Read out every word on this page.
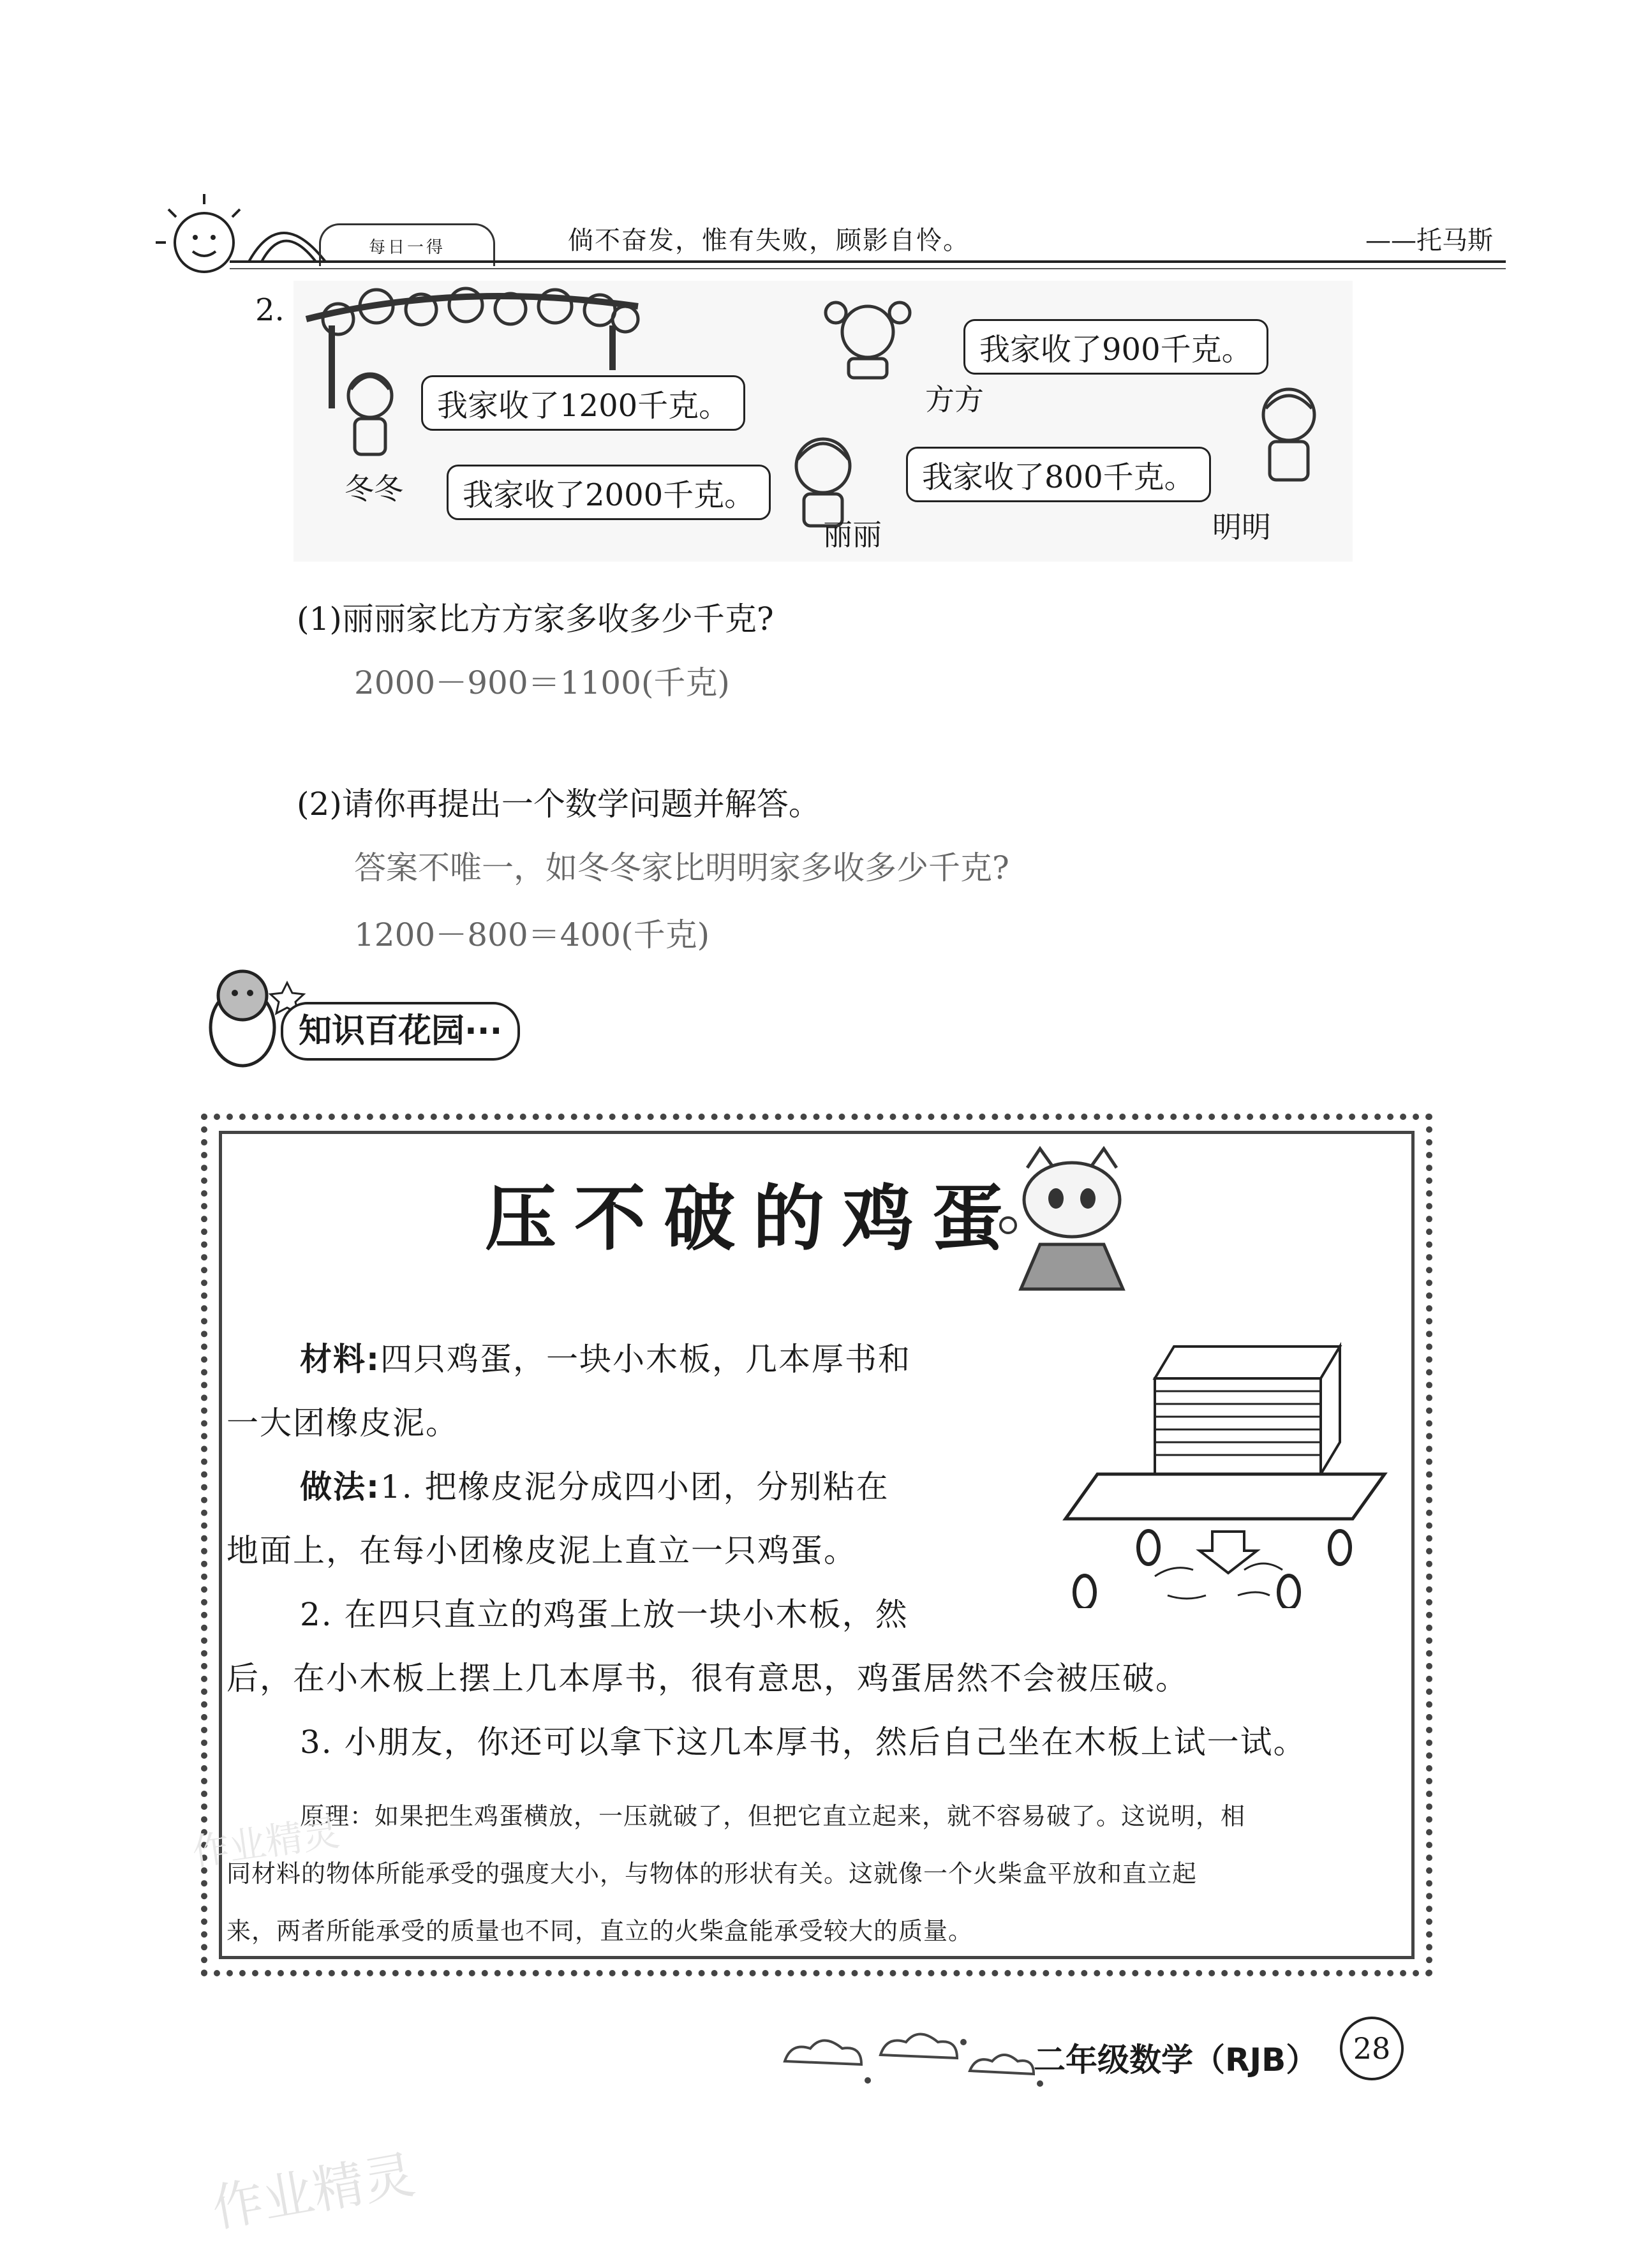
每日一得	倘不奋发，惟有失败，顾影自怜。	——托马斯
2.
我家收了1200千克。
冬冬
我家收了900千克。
方方
我家收了2000千克。
丽丽
我家收了800千克。
明明
(1)丽丽家比方方家多收多少千克?
2000－900＝1100(千克)
(2)请你再提出一个数学问题并解答。
答案不唯一，如冬冬家比明明家多收多少千克?
1200－800＝400(千克)
知识百花园···
压不破的鸡蛋
材料:四只鸡蛋，一块小木板，几本厚书和
一大团橡皮泥。
做法:1. 把橡皮泥分成四小团，分别粘在
地面上，在每小团橡皮泥上直立一只鸡蛋。
2. 在四只直立的鸡蛋上放一块小木板，然
后，在小木板上摆上几本厚书，很有意思，鸡蛋居然不会被压破。
3. 小朋友，你还可以拿下这几本厚书，然后自己坐在木板上试一试。
原理：如果把生鸡蛋横放，一压就破了，但把它直立起来，就不容易破了。这说明，相
同材料的物体所能承受的强度大小，与物体的形状有关。这就像一个火柴盒平放和直立起
来，两者所能承受的质量也不同，直立的火柴盒能承受较大的质量。
作业精灵
二年级数学（RJB）	28
作业精灵
